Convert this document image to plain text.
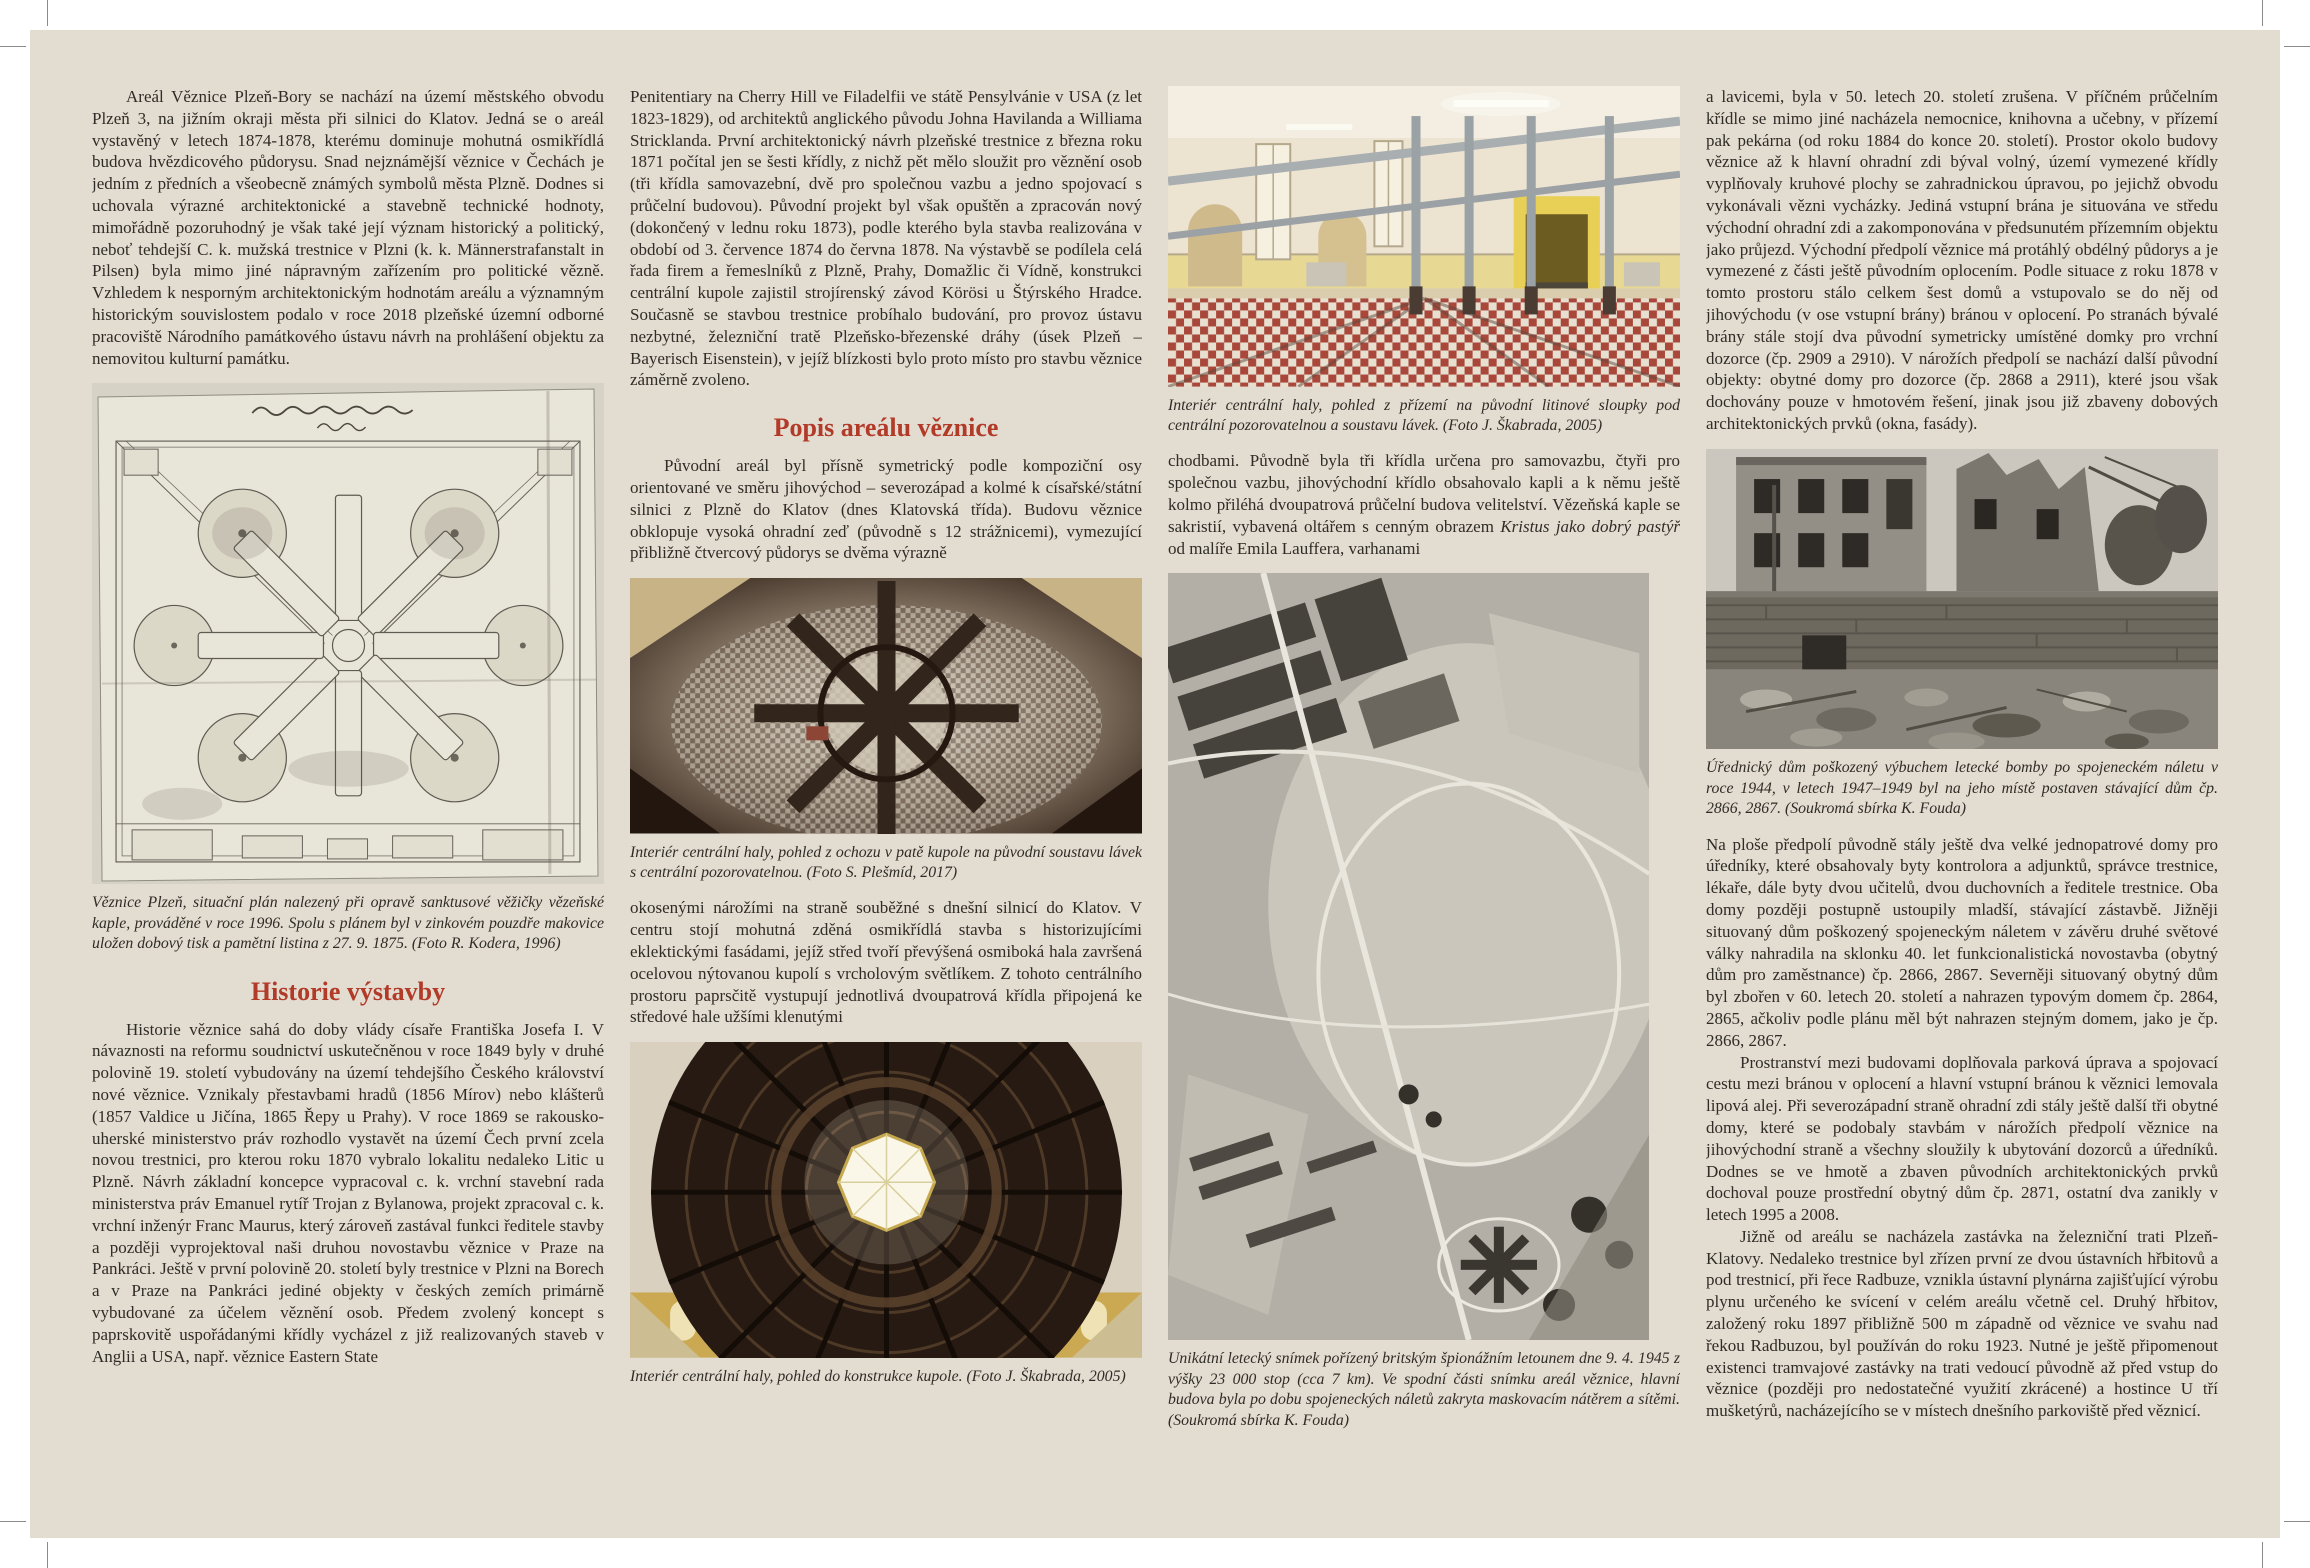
Areál Věznice Plzeň-Bory se nachází na území městského obvodu Plzeň 3, na jižním okraji města při silnici do Klatov. Jedná se o areál vystavěný v letech 1874-1878, kterému dominuje mohutná osmikřídlá budova hvězdicového půdorysu. Snad nejznámější věznice v Čechách je jedním z předních a všeobecně známých symbolů města Plzně. Dodnes si uchovala výrazné architektonické a stavebně technické hodnoty, mimořádně pozoruhodný je však také její význam historický a politický, neboť tehdejší C. k. mužská trestnice v Plzni (k. k. Männerstrafanstalt in Pilsen) byla mimo jiné nápravným zařízením pro politické vězně. Vzhledem k nesporným architektonickým hodnotám areálu a významným historickým souvislostem podalo v roce 2018 plzeňské územní odborné pracoviště Národního památkového ústavu návrh na prohlášení objektu za nemovitou kulturní památku.

Věznice Plzeň, situační plán nalezený při opravě sanktusové věžičky vězeňské kaple, prováděné v roce 1996. Spolu s plánem byl v zinkovém pouzdře makovice uložen dobový tisk a pamětní listina z 27. 9. 1875. (Foto R. Kodera, 1996)
Historie výstavby

Historie věznice sahá do doby vlády císaře Františka Josefa I. V návaznosti na reformu soudnictví uskutečněnou v roce 1849 byly v druhé polovině 19. století vybudovány na území tehdejšího Českého království nové věznice. Vznikaly přestavbami hradů (1856 Mírov) nebo klášterů (1857 Valdice u Jičína, 1865 Řepy u Prahy). V roce 1869 se rakousko-uherské ministerstvo práv rozhodlo vystavět na území Čech první zcela novou trestnici, pro kterou roku 1870 vybralo lokalitu nedaleko Litic u Plzně. Návrh základní koncepce vypracoval c. k. vrchní stavební rada ministerstva práv Emanuel rytíř Trojan z Bylanowa, projekt zpracoval c. k. vrchní inženýr Franc Maurus, který zároveň zastával funkci ředitele stavby a později vyprojektoval naši druhou novostavbu věznice v Praze na Pankráci. Ještě v první polovině 20. století byly trestnice v Plzni na Borech a v Praze na Pankráci jediné objekty v českých zemích primárně vybudované za účelem věznění osob. Předem zvolený koncept s paprskovitě uspořádanými křídly vycházel z již realizovaných staveb v Anglii a USA, např. věznice Eastern State

Penitentiary na Cherry Hill ve Filadelfii ve státě Pensylvánie v USA (z let 1823-1829), od architektů anglického původu Johna Havilanda a Williama Stricklanda. První architektonický návrh plzeňské trestnice z března roku 1871 počítal jen se šesti křídly, z nichž pět mělo sloužit pro věznění osob (tři křídla samovazební, dvě pro společnou vazbu a jedno spojovací s průčelní budovou). Původní projekt byl však opuštěn a zpracován nový (dokončený v lednu roku 1873), podle kterého byla stavba realizována v období od 3. července 1874 do června 1878. Na výstavbě se podílela celá řada firem a řemeslníků z Plzně, Prahy, Domažlic či Vídně, konstrukci centrální kupole zajistil strojírenský závod Körösi u Štýrského Hradce. Současně se stavbou trestnice probíhalo budování, pro provoz ústavu nezbytné, železniční tratě Plzeňsko-březenské dráhy (úsek Plzeň – Bayerisch Eisenstein), v jejíž blízkosti bylo proto místo pro stavbu věznice záměrně zvoleno.

Popis areálu věznice

Původní areál byl přísně symetrický podle kompoziční osy orientované ve směru jihovýchod – severozápad a kolmé k císařské/státní silnici z Plzně do Klatov (dnes Klatovská třída). Budovu věznice obklopuje vysoká ohradní zeď (původně s 12 strážnicemi), vymezující přibližně čtvercový půdorys se dvěma výrazně

Interiér centrální haly, pohled z ochozu v patě kupole na původní soustavu lávek s centrální pozorovatelnou. (Foto S. Plešmíd, 2017)

okosenými nárožími na straně souběžné s dnešní silnicí do Klatov. V centru stojí mohutná zděná osmikřídlá stavba s historizujícími eklektickými fasádami, jejíž střed tvoří převýšená osmiboká hala završená ocelovou nýtovanou kupolí s vrcholovým světlíkem. Z tohoto centrálního prostoru paprsčitě vystupují jednotlivá dvoupatrová křídla připojená ke středové hale užšími klenutými

Interiér centrální haly, pohled do konstrukce kupole. (Foto J. Škabrada, 2005)
Interiér centrální haly, pohled z přízemí na původní litinové sloupky pod centrální pozorovatelnou a soustavu lávek. (Foto J. Škabrada, 2005)

chodbami. Původně byla tři křídla určena pro samovazbu, čtyři pro společnou vazbu, jihovýchodní křídlo obsahovalo kapli a k němu ještě kolmo přiléhá dvoupatrová průčelní budova velitelství. Vězeňská kaple se sakristií, vybavená oltářem s cenným obrazem Kristus jako dobrý pastýř od malíře Emila Lauffera, varhanami

Unikátní letecký snímek pořízený britským špionážním letounem dne 9. 4. 1945 z výšky 23 000 stop (cca 7 km). Ve spodní části snímku areál věznice, hlavní budova byla po dobu spojeneckých náletů zakryta maskovacím nátěrem a sítěmi. (Soukromá sbírka K. Fouda)

a lavicemi, byla v 50. letech 20. století zrušena. V příčném průčelním křídle se mimo jiné nacházela nemocnice, knihovna a učebny, v přízemí pak pekárna (od roku 1884 do konce 20. století). Prostor okolo budovy věznice až k hlavní ohradní zdi býval volný, území vymezené křídly vyplňovaly kruhové plochy se zahradnickou úpravou, po jejichž obvodu vykonávali vězni vycházky. Jediná vstupní brána je situována ve středu východní ohradní zdi a zakomponována v předsunutém přízemním objektu jako průjezd. Východní předpolí věznice má protáhlý obdélný půdorys a je vymezené z části ještě původním oplocením. Podle situace z roku 1878 v tomto prostoru stálo celkem šest domů a vstupovalo se do něj od jihovýchodu (v ose vstupní brány) bránou v oplocení. Po stranách bývalé brány stále stojí dva původní symetricky umístěné domky pro vrchní dozorce (čp. 2909 a 2910). V nárožích předpolí se nachází další původní objekty: obytné domy pro dozorce (čp. 2868 a 2911), které jsou však dochovány pouze v hmotovém řešení, jinak jsou již zbaveny dobových architektonických prvků (okna, fasády).

Úřednický dům poškozený výbuchem letecké bomby po spojeneckém náletu v roce 1944, v letech 1947–1949 byl na jeho místě postaven stávající dům čp. 2866, 2867. (Soukromá sbírka K. Fouda)

Na ploše předpolí původně stály ještě dva velké jednopatrové domy pro úředníky, které obsahovaly byty kontrolora a adjunktů, správce trestnice, lékaře, dále byty dvou učitelů, dvou duchovních a ředitele trestnice. Oba domy později postupně ustoupily mladší, stávající zástavbě. Jižněji situovaný dům poškozený spojeneckým náletem v závěru druhé světové války nahradila na sklonku 40. let funkcionalistická novostavba (obytný dům pro zaměstnance) čp. 2866, 2867. Severněji situovaný obytný dům byl zbořen v 60. letech 20. století a nahrazen typovým domem čp. 2864, 2865, ačkoliv podle plánu měl být nahrazen stejným domem, jako je čp. 2866, 2867.

Prostranství mezi budovami doplňovala parková úprava a spojovací cestu mezi bránou v oplocení a hlavní vstupní bránou k věznici lemovala lipová alej. Při severozápadní straně ohradní zdi stály ještě další tři obytné domy, které se podobaly stavbám v nárožích předpolí věznice na jihovýchodní straně a všechny sloužily k ubytování dozorců a úředníků. Dodnes se ve hmotě a zbaven původních architektonických prvků dochoval pouze prostřední obytný dům čp. 2871, ostatní dva zanikly v letech 1995 a 2008.

Jižně od areálu se nacházela zastávka na železniční trati Plzeň-Klatovy. Nedaleko trestnice byl zřízen první ze dvou ústavních hřbitovů a pod trestnicí, při řece Radbuze, vznikla ústavní plynárna zajišťující výrobu plynu určeného ke svícení v celém areálu včetně cel. Druhý hřbitov, založený roku 1897 přibližně 500 m západně od věznice ve svahu nad řekou Radbuzou, byl používán do roku 1923. Nutné je ještě připomenout existenci tramvajové zastávky na trati vedoucí původně až před vstup do věznice (později pro nedostatečné využití zkrácené) a hostince U tří mušketýrů, nacházejícího se v místech dnešního parkoviště před věznicí.
